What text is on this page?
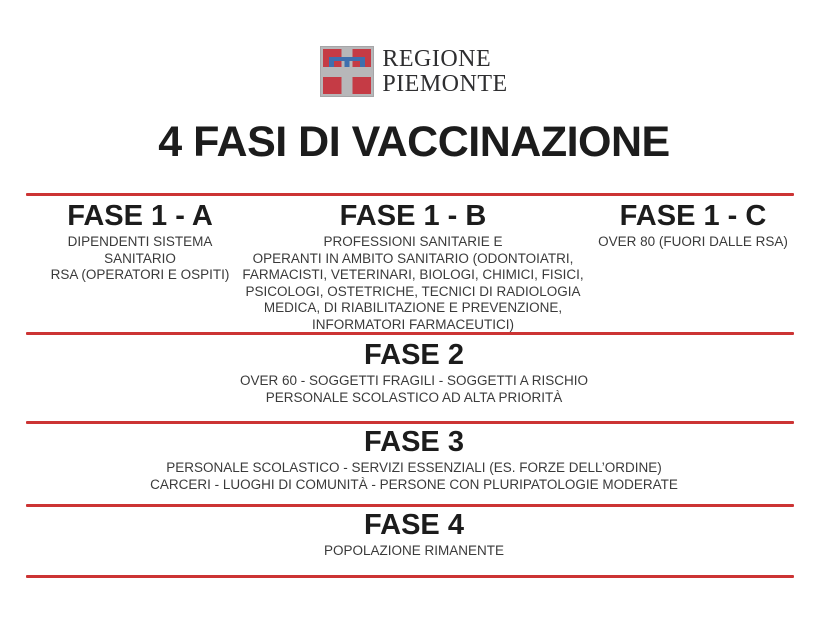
REGIONE
PIEMONTE
4 FASI DI VACCINAZIONE
FASE 1 - A
DIPENDENTI SISTEMA
SANITARIO
RSA (OPERATORI E OSPITI)
FASE 1 - B
PROFESSIONI SANITARIE E
OPERANTI IN AMBITO SANITARIO (ODONTOIATRI,
FARMACISTI, VETERINARI, BIOLOGI, CHIMICI, FISICI,
PSICOLOGI, OSTETRICHE, TECNICI DI RADIOLOGIA
MEDICA, DI RIABILITAZIONE E PREVENZIONE,
INFORMATORI FARMACEUTICI)
FASE 1 - C
OVER 80 (FUORI DALLE RSA)
FASE 2
OVER 60 - SOGGETTI FRAGILI - SOGGETTI A RISCHIO
PERSONALE SCOLASTICO AD ALTA PRIORITÀ
FASE 3
PERSONALE SCOLASTICO - SERVIZI ESSENZIALI (ES. FORZE DELL’ORDINE)
CARCERI - LUOGHI DI COMUNITÀ - PERSONE CON PLURIPATOLOGIE MODERATE
FASE 4
POPOLAZIONE RIMANENTE
